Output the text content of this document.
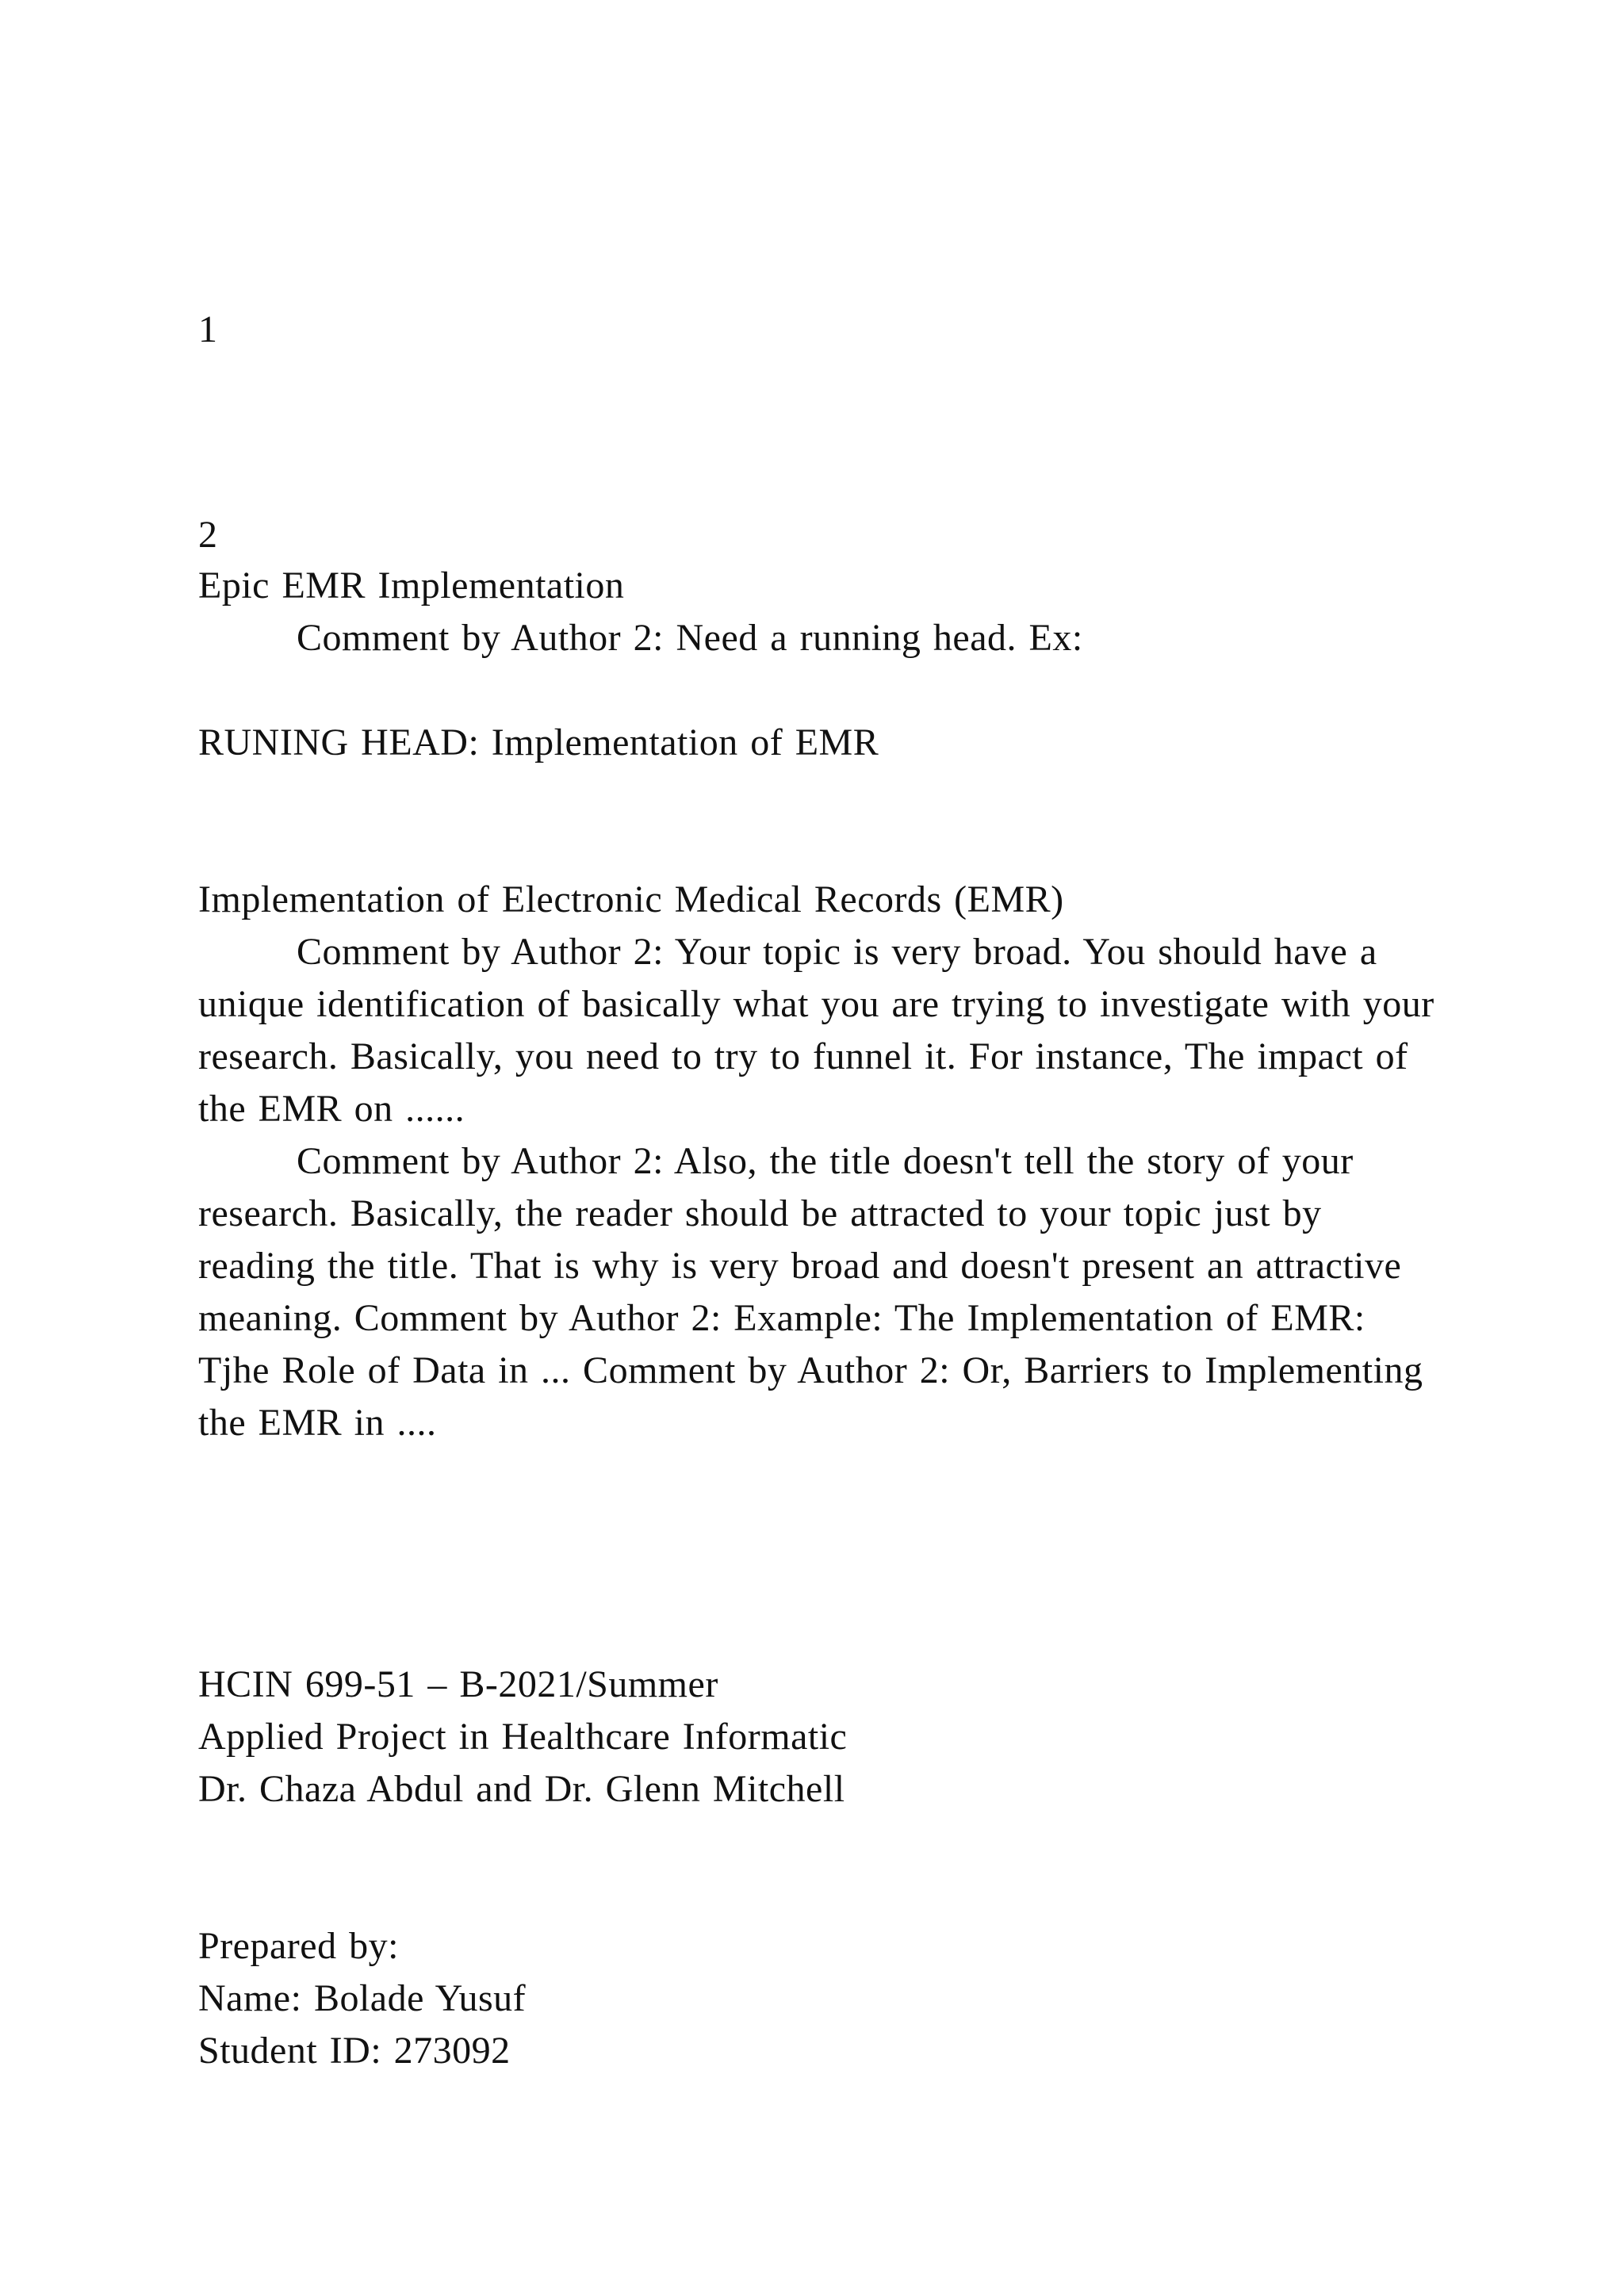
1
2
Epic EMR Implementation
Comment by Author 2: Need a running head. Ex:
RUNING HEAD: Implementation of EMR
Implementation of Electronic Medical Records (EMR)
Comment by Author 2: Your topic is very broad. You should have a unique identification of basically what you are trying to investigate with your research. Basically, you need to try to funnel it. For instance, The impact of the EMR on ......
Comment by Author 2: Also, the title doesn't tell the story of your research. Basically, the reader should be attracted to your topic just by reading the title. That is why is very broad and doesn't present an attractive meaning. Comment by Author 2: Example: The Implementation of EMR: Tjhe Role of Data in ... Comment by Author 2: Or, Barriers to Implementing the EMR in ....
HCIN 699-51 – B-2021/Summer
Applied Project in Healthcare Informatic
Dr. Chaza Abdul and Dr. Glenn Mitchell
Prepared by:
Name: Bolade Yusuf
Student ID: 273092
